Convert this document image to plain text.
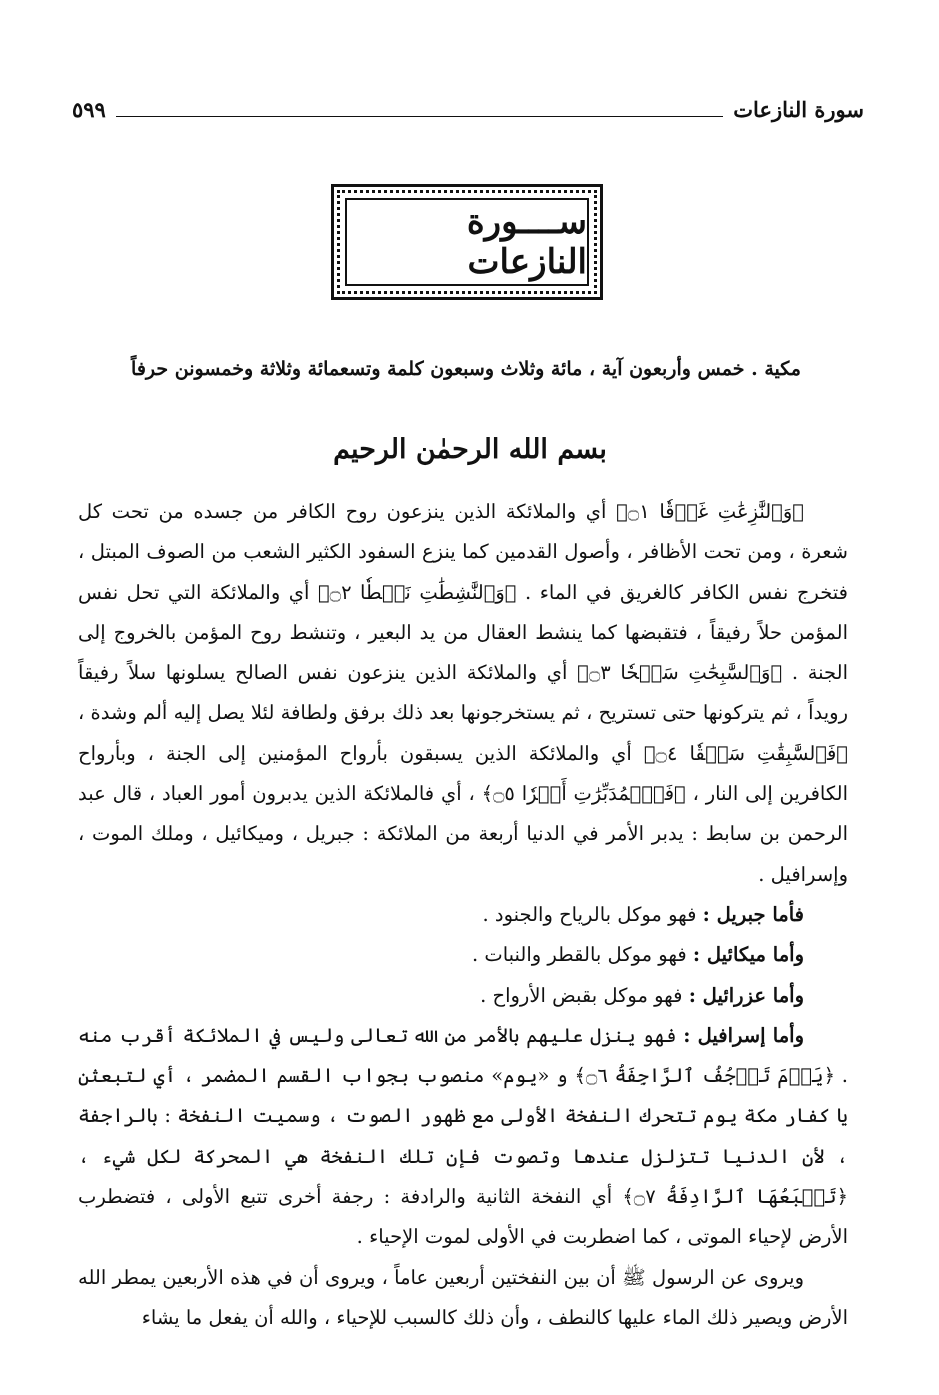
سورة النازعات
٥٩٩
ســــورة النازعات
مكية . خمس وأربعون آية ، مائة وثلاث وسبعون كلمة وتسعمائة وثلاثة وخمسونن حرفاً
بسم الله الرحمٰن الرحيم

﴿وَٱلنَّٰزِعَٰتِ غَرۡقٗا ۝١﴾ أي والملائكة الذين ينزعون روح الكافر من جسده من تحت كل شعرة ، ومن تحت الأظافر ، وأصول القدمين كما ينزع السفود الكثير الشعب من الصوف المبتل ، فتخرج نفس الكافر كالغريق في الماء . ﴿وَٱلنَّٰشِطَٰتِ نَشۡطٗا ۝٢﴾ أي والملائكة التي تحل نفس المؤمن حلاً رفيقاً ، فتقبضها كما ينشط العقال من يد البعير ، وتنشط روح المؤمن بالخروج إلى الجنة . ﴿وَٱلسَّٰبِحَٰتِ سَبۡحٗا ۝٣﴾ أي والملائكة الذين ينزعون نفس الصالح يسلونها سلاً رفيقاً رويداً ، ثم يتركونها حتى تستريح ، ثم يستخرجونها بعد ذلك برفق ولطافة لئلا يصل إليه ألم وشدة ، ﴿فَٱلسَّٰبِقَٰتِ سَبۡقٗا ۝٤﴾ أي والملائكة الذين يسبقون بأرواح المؤمنين إلى الجنة ، وبأرواح الكافرين إلى النار ، ﴿فَٱلۡمُدَبِّرَٰتِ أَمۡرٗا ۝٥﴾ ، أي فالملائكة الذين يدبرون أمور العباد ، قال عبد الرحمن بن سابط : يدبر الأمر في الدنيا أربعة من الملائكة : جبريل ، وميكائيل ، وملك الموت ، وإسرافيل .

فأما جبريل : فهو موكل بالرياح والجنود .

وأما ميكائيل : فهو موكل بالقطر والنبات .

وأما عزرائيل : فهو موكل بقبض الأرواح .

وأما إسرافيل : فهو ينزل عليهم بالأمر من الله تعالى وليس في الملائكة أقرب منه . ﴿يَوۡمَ تَرۡجُفُ ٱلرَّاجِفَةُ ۝٦﴾ و «يوم» منصوب بجواب القسم المضمر ، أي لتبعثن يا كفار مكة يوم تتحرك النفخة الأولى مع ظهور الصوت ، وسميت النفخة : بالراجفة ، لأن الدنيا تتزلزل عندها وتصوت فإن تلك النفخة هي المحركة لكل شيء ، ﴿تَتۡبَعُهَا ٱلرَّادِفَةُ ۝٧﴾ أي النفخة الثانية والرادفة : رجفة أخرى تتبع الأولى ، فتضطرب الأرض لإحياء الموتى ، كما اضطربت في الأولى لموت الإحياء .

ويروى عن الرسول ﷺ أن بين النفختين أربعين عاماً ، ويروى أن في هذه الأربعين يمطر الله الأرض ويصير ذلك الماء عليها كالنطف ، وأن ذلك كالسبب للإحياء ، والله أن يفعل ما يشاء
